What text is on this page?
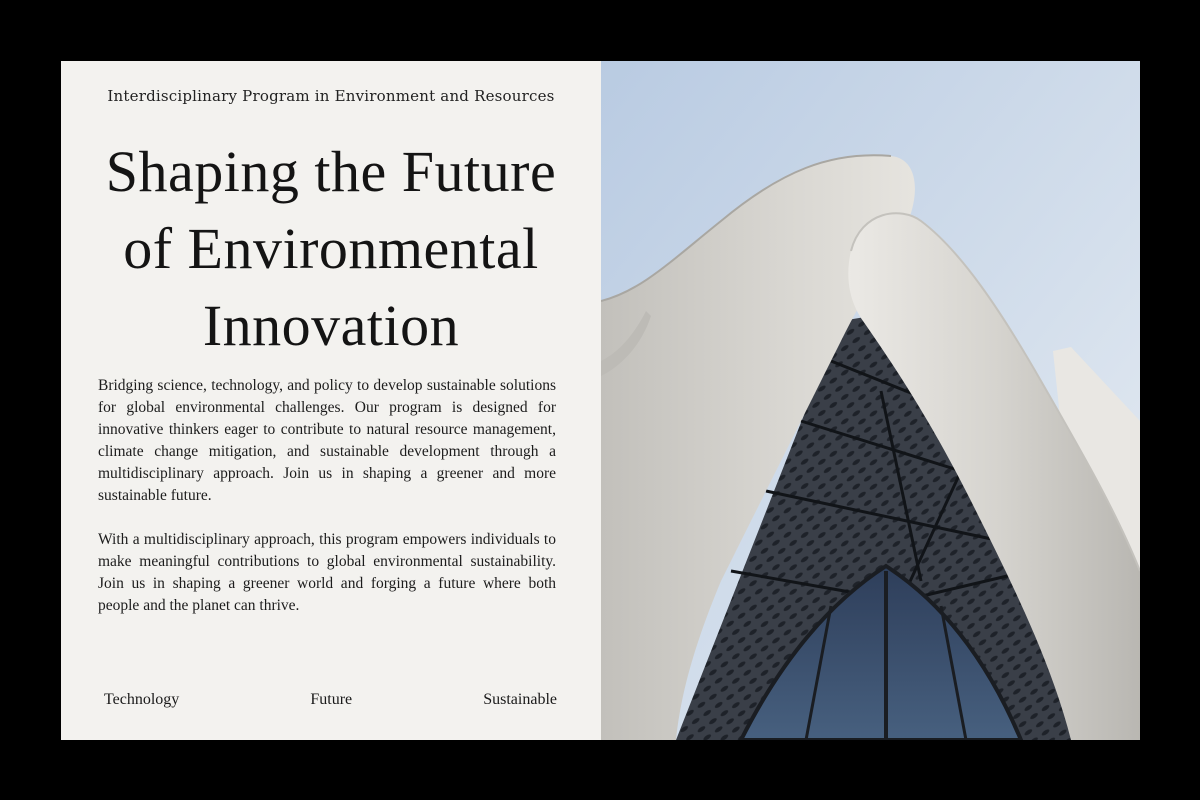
Interdisciplinary Program in Environment and Resources
Shaping the Future
of Environmental
Innovation

Bridging science, technology, and policy to develop sustainable solutions for global environmental challenges. Our program is designed for innovative thinkers eager to contribute to natural resource management, climate change mitigation, and sustainable development through a multidisciplinary approach. Join us in shaping a greener and more sustainable future.

With a multidisciplinary approach, this program empowers individuals to make meaningful contributions to global environmental sustainability. Join us in shaping a greener world and forging a future where both people and the planet can thrive.

Technology	Future	Sustainable
